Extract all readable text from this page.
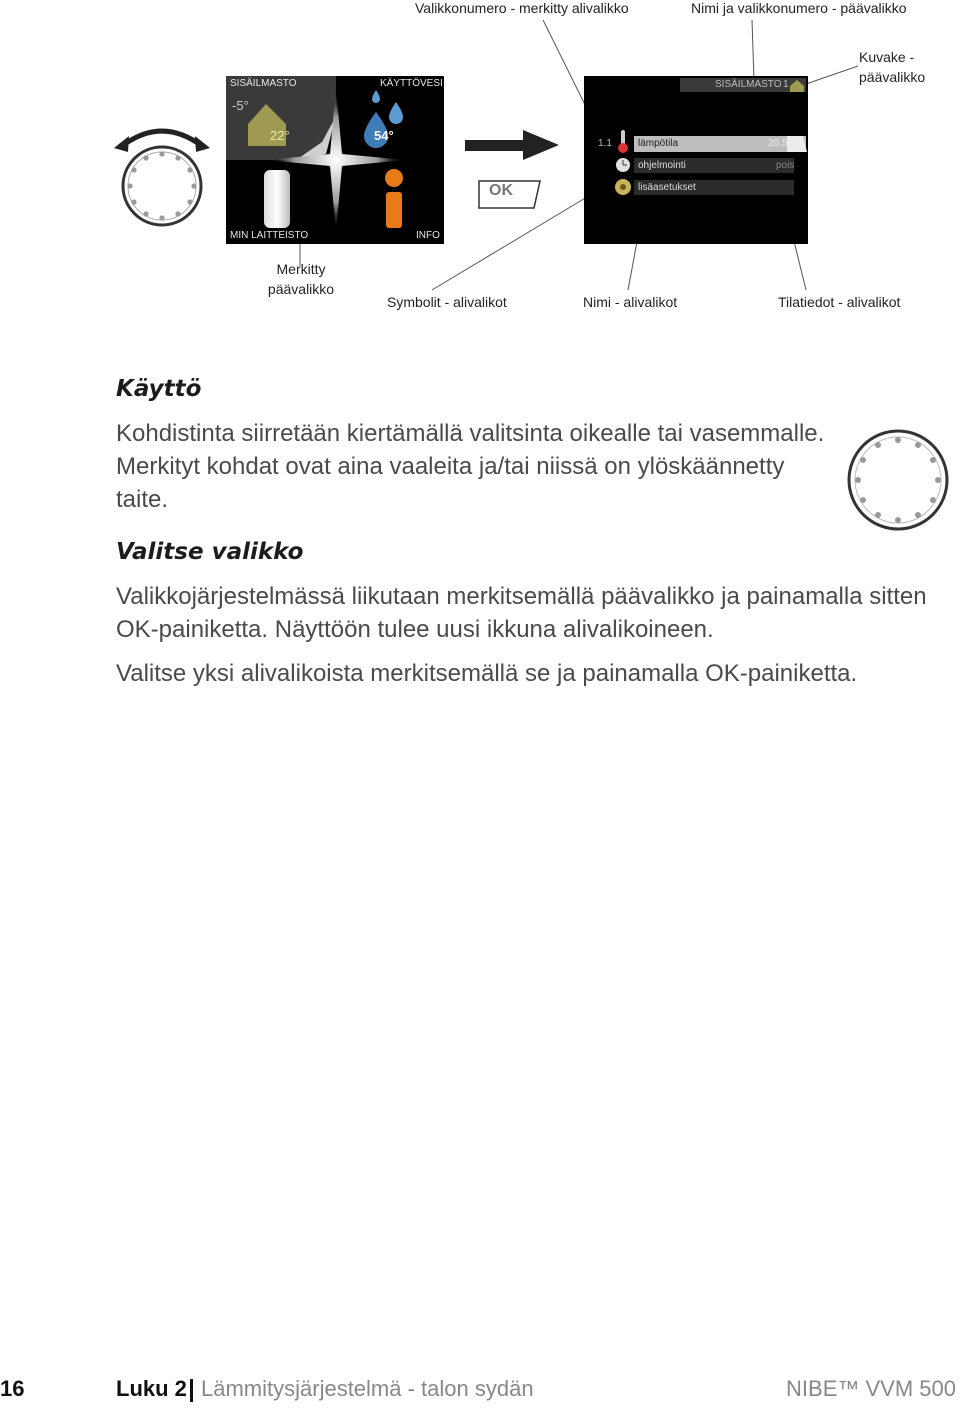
Valikkonumero - merkitty alivalikko	Nimi ja valikkonumero - päävalikko
Kuvake -
päävalikko
Merkitty
päävalikko
Symbolit - alivalikot	Nimi - alivalikot	Tilatiedot - alivalikot
SISÄILMASTO	KÄYTTÖVESI
MIN LAITTEISTO	INFO
-5°
22°	54°
OK
SISÄILMASTO 1
1.1	lämpötila	20.5°
ohjelmointi	pois
lisäasetukset
Käyttö
Kohdistinta siirretään kiertämällä valitsinta oikealle tai vasemmalle. Merkityt kohdat ovat aina vaaleita ja/tai niissä on ylöskäännetty taite.
Valitse valikko
Valikkojärjestelmässä liikutaan merkitsemällä päävalikko ja painamalla sitten OK-painiketta. Näyttöön tulee uusi ikkuna alivalikoineen.
Valitse yksi alivalikoista merkitsemällä se ja painamalla OK-painiketta.
16	Luku 2 Lämmitysjärjestelmä - talon sydän	NIBE™ VVM 500
